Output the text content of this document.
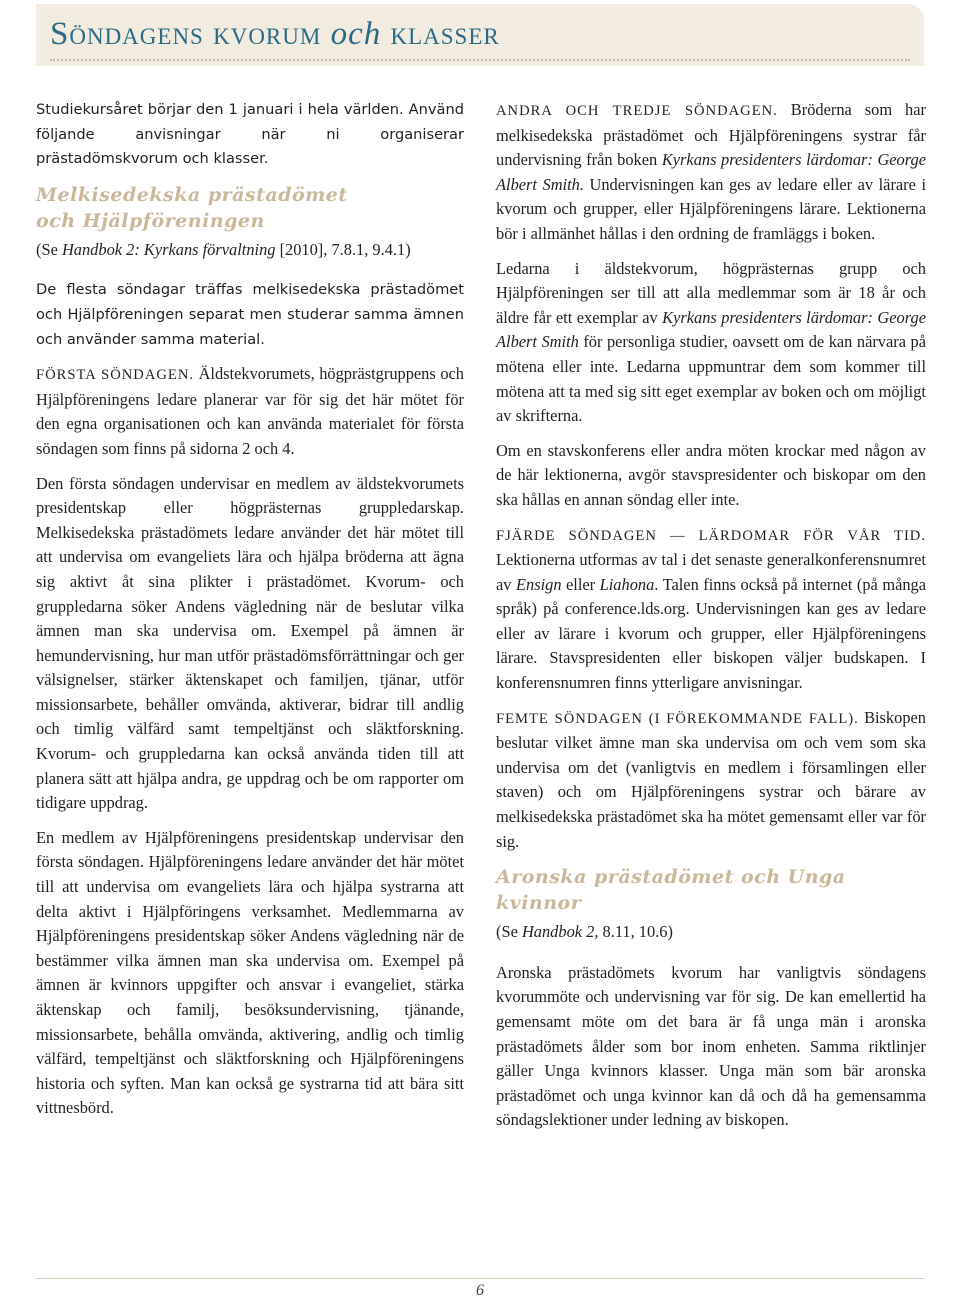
Söndagens kvorum och klasser

Studiekursåret börjar den 1 januari i hela världen. Använd följande anvisningar när ni organiserar prästadömskvorum och klasser.

Melkisedekska prästadömet
och Hjälpföreningen

(Se Handbok 2: Kyrkans förvaltning [2010], 7.8.1, 9.4.1)

De flesta söndagar träffas melkisedekska prästadömet och Hjälpföreningen separat men studerar samma ämnen och använder samma material.

FÖRSTA SÖNDAGEN. Äldstekvorumets, högprästgruppens och Hjälpföreningens ledare planerar var för sig det här mötet för den egna organisationen och kan använda materialet för första söndagen som finns på sidorna 2 och 4.

Den första söndagen undervisar en medlem av äldstekvorumets presidentskap eller högprästernas gruppledarskap. Melkisedekska prästadömets ledare använder det här mötet till att undervisa om evangeliets lära och hjälpa bröderna att ägna sig aktivt åt sina plikter i prästadömet. Kvorum- och gruppledarna söker Andens vägledning när de beslutar vilka ämnen man ska undervisa om. Exempel på ämnen är hemundervisning, hur man utför prästadömsförrättningar och ger välsignelser, stärker äktenskapet och familjen, tjänar, utför missionsarbete, behåller omvända, aktiverar, bidrar till andlig och timlig välfärd samt tempeltjänst och släktforskning. Kvorum- och gruppledarna kan också använda tiden till att planera sätt att hjälpa andra, ge uppdrag och be om rapporter om tidigare uppdrag.

En medlem av Hjälpföreningens presidentskap undervisar den första söndagen. Hjälpföreningens ledare använder det här mötet till att undervisa om evangeliets lära och hjälpa systrarna att delta aktivt i Hjälpföringens verksamhet. Medlemmarna av Hjälpföreningens presidentskap söker Andens vägledning när de bestämmer vilka ämnen man ska undervisa om. Exempel på ämnen är kvinnors uppgifter och ansvar i evangeliet, stärka äktenskap och familj, besöksundervisning, tjänande, missionsarbete, behålla omvända, aktivering, andlig och timlig välfärd, tempeltjänst och släktforskning och Hjälpföreningens historia och syften. Man kan också ge systrarna tid att bära sitt vittnesbörd.

ANDRA OCH TREDJE SÖNDAGEN. Bröderna som har melkisedekska prästadömet och Hjälpföreningens systrar får undervisning från boken Kyrkans presidenters lärdomar: George Albert Smith. Undervisningen kan ges av ledare eller av lärare i kvorum och grupper, eller Hjälpföreningens lärare. Lektionerna bör i allmänhet hållas i den ordning de framläggs i boken.

Ledarna i äldstekvorum, högprästernas grupp och Hjälpföreningen ser till att alla medlemmar som är 18 år och äldre får ett exemplar av Kyrkans presidenters lärdomar: George Albert Smith för personliga studier, oavsett om de kan närvara på mötena eller inte. Ledarna uppmuntrar dem som kommer till mötena att ta med sig sitt eget exemplar av boken och om möjligt av skrifterna.

Om en stavskonferens eller andra möten krockar med någon av de här lektionerna, avgör stavspresidenter och biskopar om den ska hållas en annan söndag eller inte.

FJÄRDE SÖNDAGEN — LÄRDOMAR FÖR VÅR TID. Lektionerna utformas av tal i det senaste generalkonferensnumret av Ensign eller Liahona. Talen finns också på internet (på många språk) på conference.lds.org. Undervisningen kan ges av ledare eller av lärare i kvorum och grupper, eller Hjälpföreningens lärare. Stavspresidenten eller biskopen väljer budskapen. I konferensnumren finns ytterligare anvisningar.

FEMTE SÖNDAGEN (I FÖREKOMMANDE FALL). Biskopen beslutar vilket ämne man ska undervisa om och vem som ska undervisa om det (vanligtvis en medlem i församlingen eller staven) och om Hjälpföreningens systrar och bärare av melkisedekska prästadömet ska ha mötet gemensamt eller var för sig.

Aronska prästadömet och Unga kvinnor

(Se Handbok 2, 8.11, 10.6)

Aronska prästadömets kvorum har vanligtvis söndagens kvorummöte och undervisning var för sig. De kan emellertid ha gemensamt möte om det bara är få unga män i aronska prästadömets ålder som bor inom enheten. Samma riktlinjer gäller Unga kvinnors klasser. Unga män som bär aronska prästadömet och unga kvinnor kan då och då ha gemensamma söndagslektioner under ledning av biskopen.

6
